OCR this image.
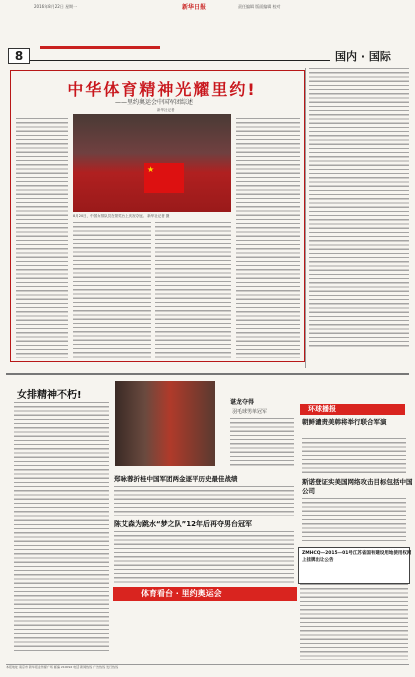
2016年8月22日 星期一	新华日报	责任编辑 版面编辑 校对
8	国内 · 国际
中华体育精神光耀里约!
——里约奥运会中国军团综述
新华社记者
★
8月20日，中国女排队员在领奖台上庆祝夺冠。 新华社记者 摄
女排精神不朽!
谌龙夺得
羽毛球男单冠军
郑咏蓉折桂中国军团两金逐平历史最佳战绩
陈艾森为跳水“梦之队”12年后再夺男台冠军
体育看台 · 里约奥运会
环球播报
朝鲜谴责美韩将举行联合军演
斯诺登证实美国网络攻击目标包括中国公司
ZMHCQ—2015—01号江苏省国有建设用地使用权网上挂牌出让公告
本报地址 南京市 新华报业传媒广场 邮编 210092 电话 新闻热线 广告热线 发行热线
